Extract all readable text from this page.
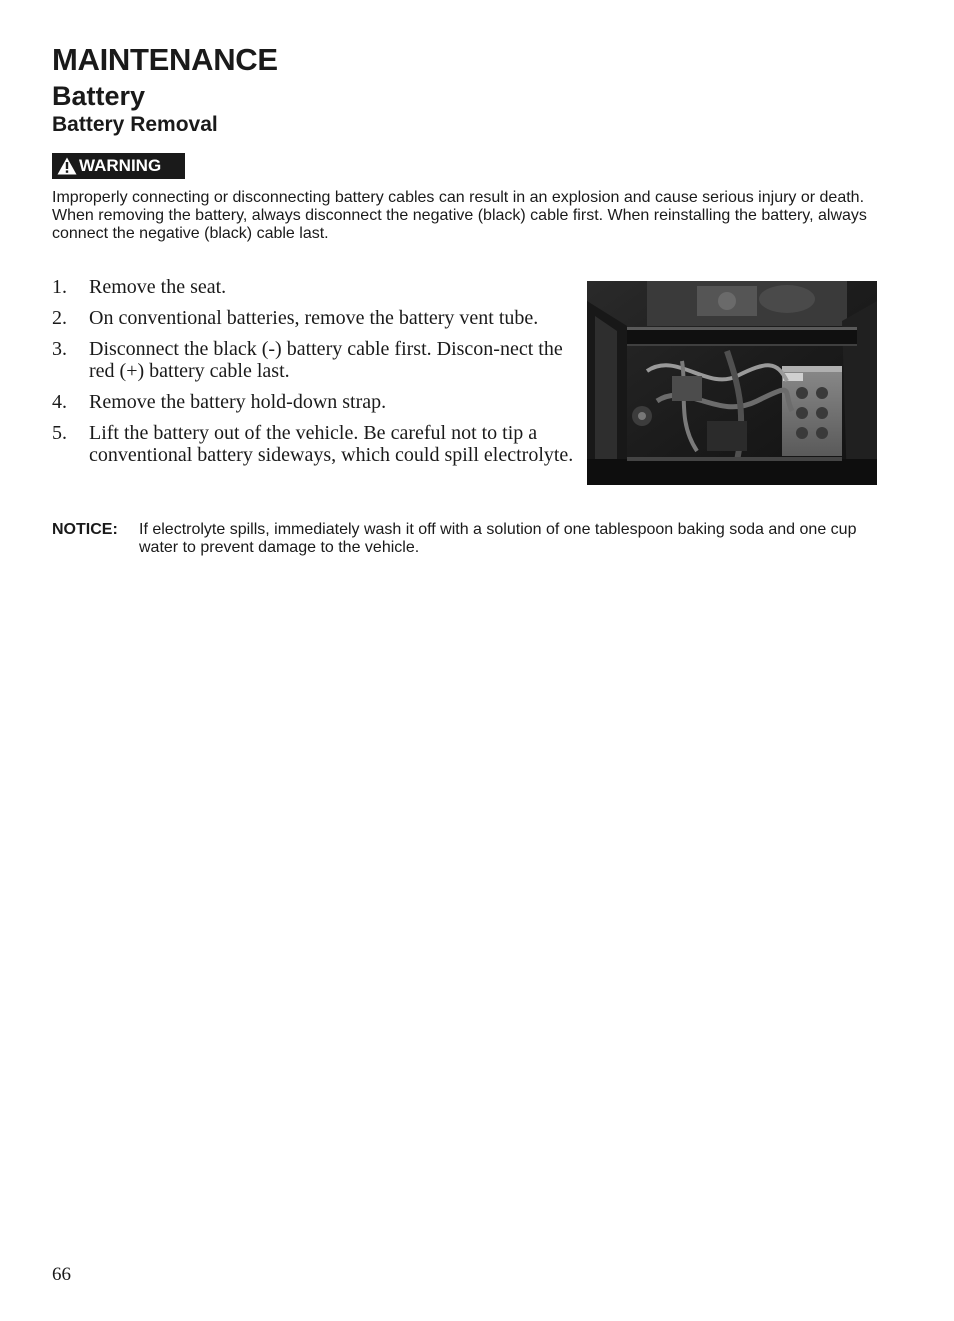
MAINTENANCE
Battery
Battery Removal
WARNING

Improperly connecting or disconnecting battery cables can result in an explosion and cause serious injury or death. When removing the battery, always disconnect the negative (black) cable first. When reinstalling the battery, always connect the negative (black) cable last.

1. Remove the seat.
2. On conventional batteries, remove the battery vent tube.
3. Disconnect the black (-) battery cable first. Discon-nect the red (+) battery cable last.
4. Remove the battery hold-down strap.
5. Lift the battery out of the vehicle. Be careful not to tip a conventional battery sideways, which could spill electrolyte.
NOTICE: If electrolyte spills, immediately wash it off with a solution of one tablespoon baking soda and one cup water to prevent damage to the vehicle.
66
